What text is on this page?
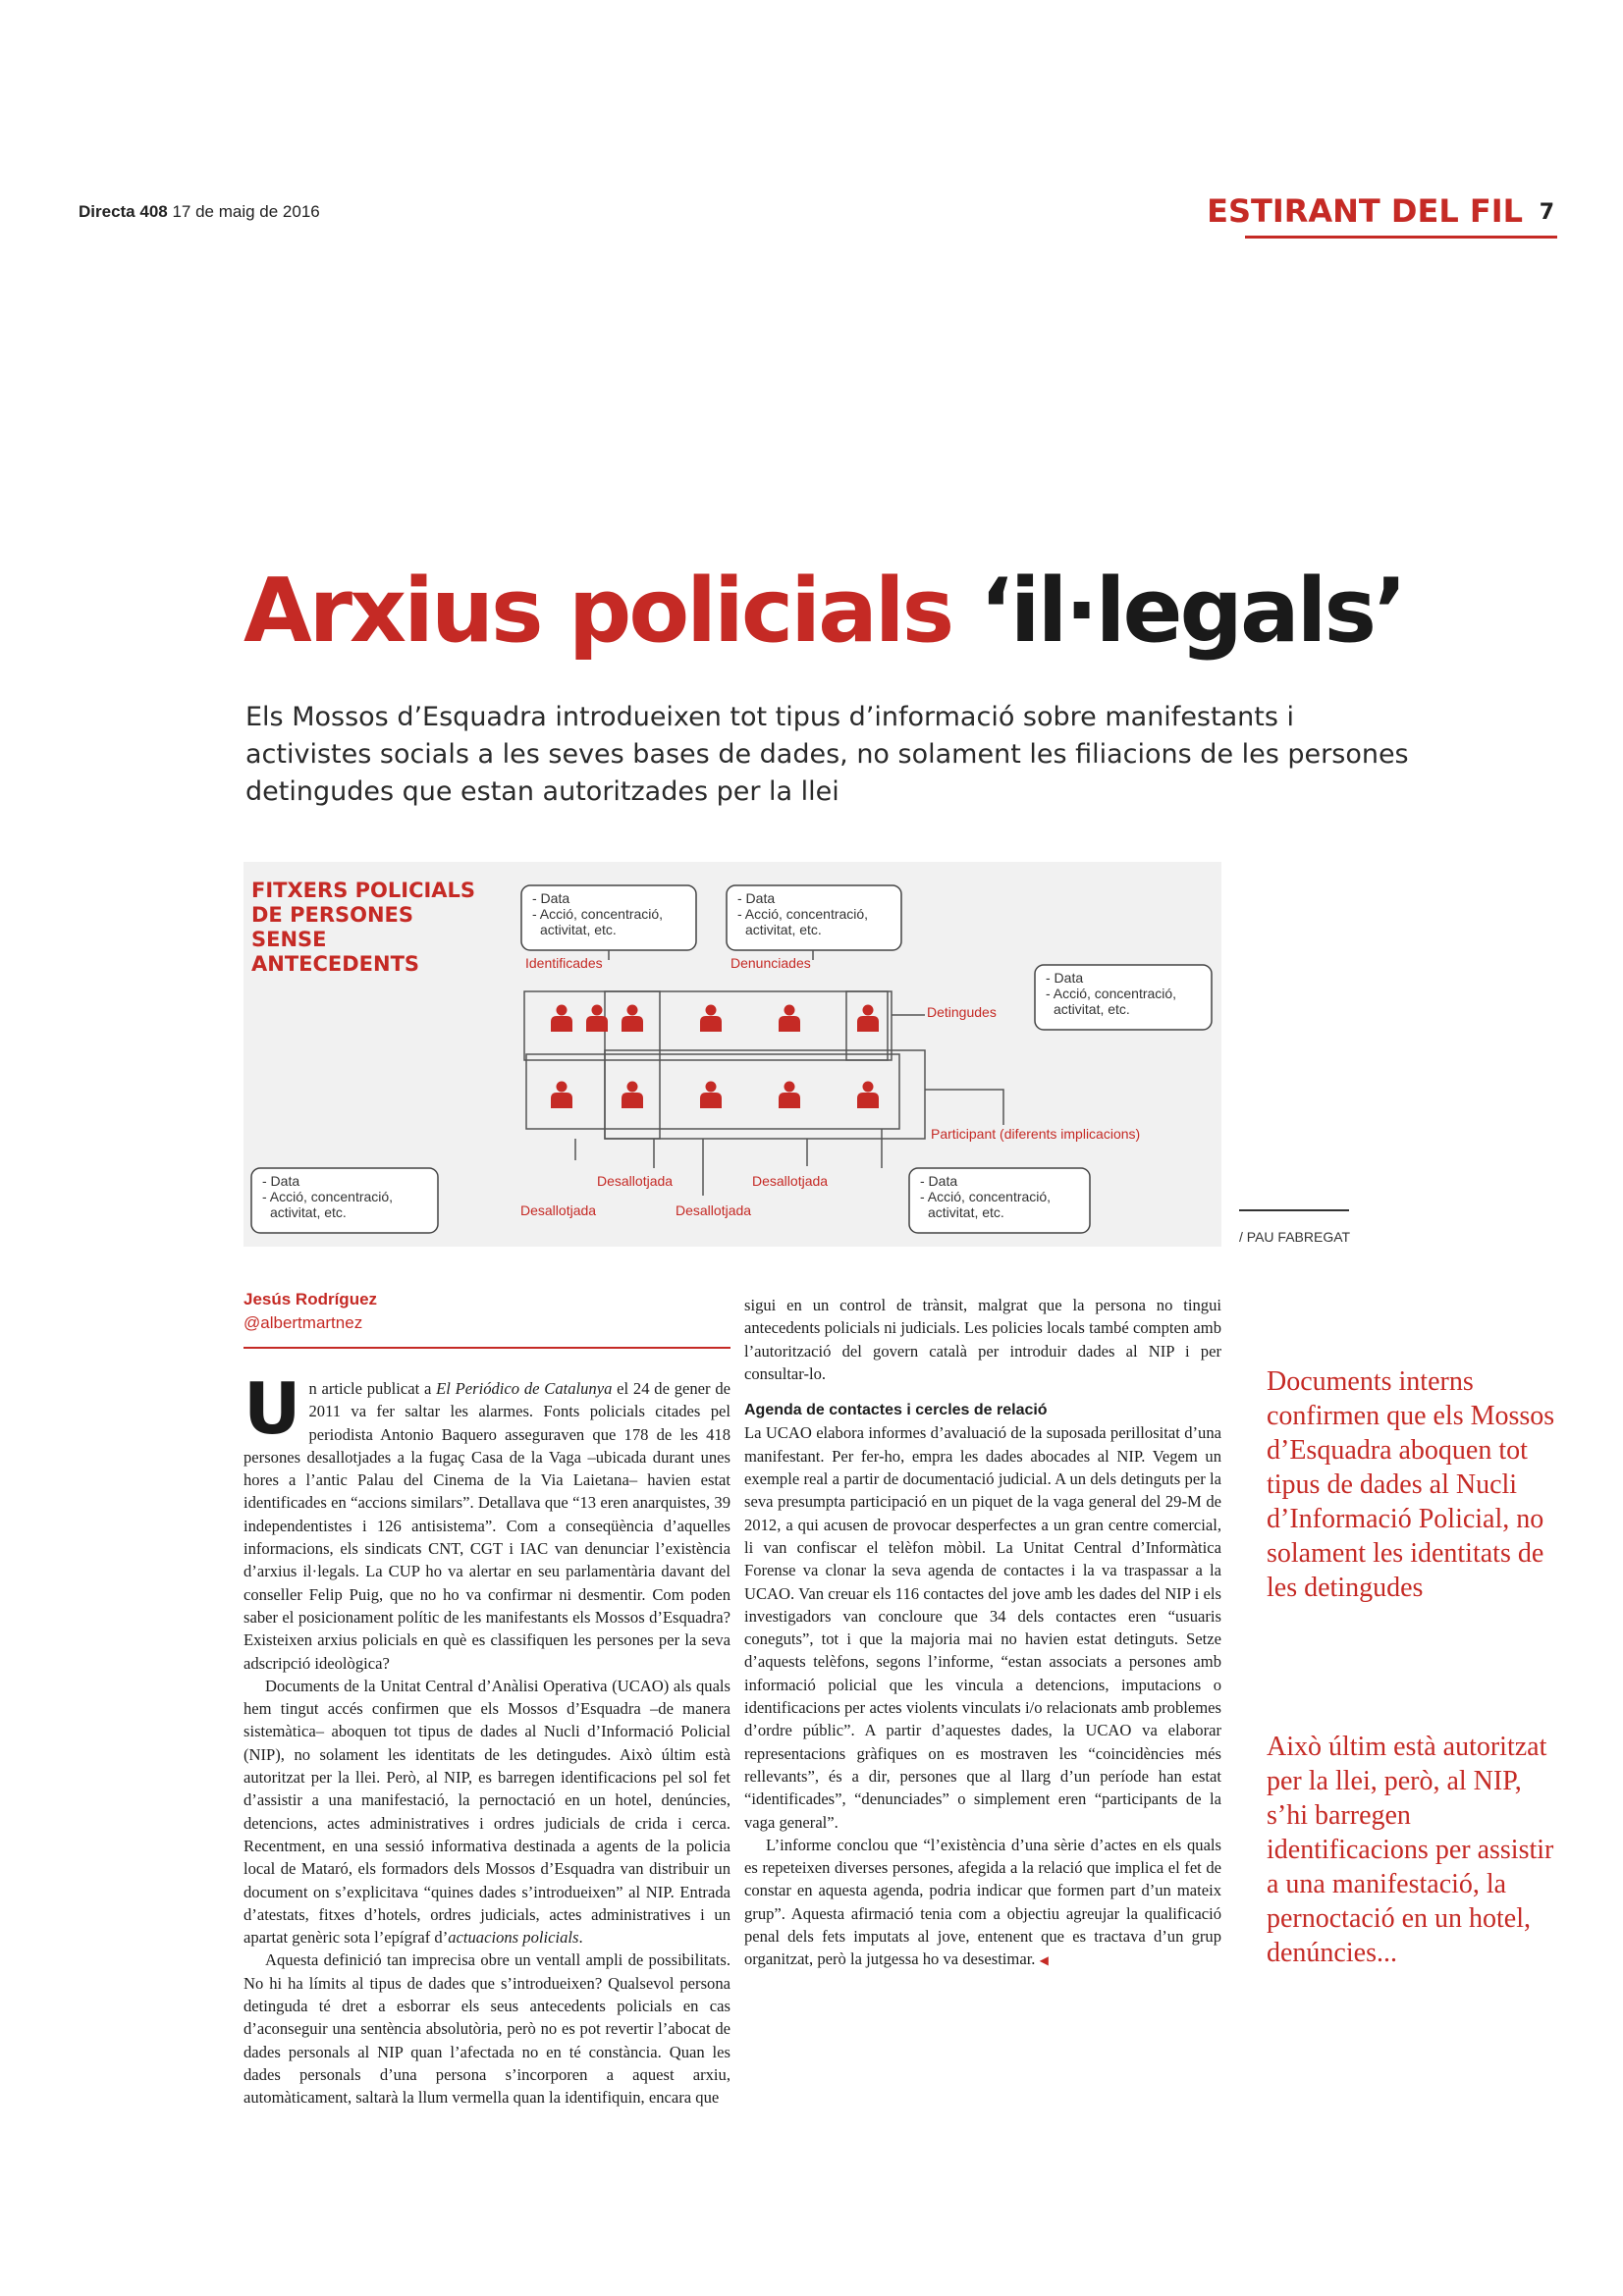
Directa 408 17 de maig de 2016	ESTIRANT DEL FIL 7
Arxius policials ‘il·legals’
Els Mossos d’Esquadra introdueixen tot tipus d’informació sobre manifestants i activistes socials a les seves bases de dades, no solament les filiacions de les persones detingudes que estan autoritzades per la llei
FITXERS POLICIALS
DE PERSONES
SENSE
ANTECEDENTS
- Data
- Acció, concentració,
activitat, etc.
- Data
- Acció, concentració,
activitat, etc.
- Data
- Acció, concentració,
activitat, etc.
- Data
- Acció, concentració,
activitat, etc.
- Data
- Acció, concentració,
activitat, etc.
Identificades	Denunciades
Detingudes
Participant (diferents implicacions)
Desallotjada	Desallotjada
Desallotjada	Desallotjada
/ PAU FABREGAT
Jesús Rodríguez
@albertmartnez

Un article publicat a El Periódico de Catalunya el 24 de gener de 2011 va fer saltar les alarmes. Fonts policials citades pel periodista Antonio Baquero asseguraven que 178 de les 418 persones desallotjades a la fugaç Casa de la Vaga –ubicada durant unes hores a l’antic Palau del Cinema de la Via Laietana– havien estat identificades en “accions similars”. Detallava que “13 eren anarquistes, 39 independentistes i 126 antisistema”. Com a conseqüència d’aquelles informacions, els sindicats CNT, CGT i IAC van denunciar l’existència d’arxius il·legals. La CUP ho va alertar en seu parlamentària davant del conseller Felip Puig, que no ho va confirmar ni desmentir. Com poden saber el posicionament polític de les manifestants els Mossos d’Esquadra? Existeixen arxius policials en què es classifiquen les persones per la seva adscripció ideològica?

Documents de la Unitat Central d’Anàlisi Operativa (UCAO) als quals hem tingut accés confirmen que els Mossos d’Esquadra –de manera sistemàtica– aboquen tot tipus de dades al Nucli d’Informació Policial (NIP), no solament les identitats de les detingudes. Això últim està autoritzat per la llei. Però, al NIP, es barregen identificacions pel sol fet d’assistir a una manifestació, la pernoctació en un hotel, denúncies, detencions, actes administratives i ordres judicials de crida i cerca. Recentment, en una sessió informativa destinada a agents de la policia local de Mataró, els formadors dels Mossos d’Esquadra van distribuir un document on s’explicitava “quines dades s’introdueixen” al NIP. Entrada d’atestats, fitxes d’hotels, ordres judicials, actes administratives i un apartat genèric sota l’epígraf d’actuacions policials.

Aquesta definició tan imprecisa obre un ventall ampli de possibilitats. No hi ha límits al tipus de dades que s’introdueixen? Qualsevol persona detinguda té dret a esborrar els seus antecedents policials en cas d’aconseguir una sentència absolutòria, però no es pot revertir l’abocat de dades personals al NIP quan l’afectada no en té constància. Quan les dades personals d’una persona s’incorporen a aquest arxiu, automàticament, saltarà la llum vermella quan la identifiquin, encara que

sigui en un control de trànsit, malgrat que la persona no tingui antecedents policials ni judicials. Les policies locals també compten amb l’autorització del govern català per introduir dades al NIP i per consultar-lo.

Agenda de contactes i cercles de relació

La UCAO elabora informes d’avaluació de la suposada perillositat d’una manifestant. Per fer-ho, empra les dades abocades al NIP. Vegem un exemple real a partir de documentació judicial. A un dels detinguts per la seva presumpta participació en un piquet de la vaga general del 29-M de 2012, a qui acusen de provocar desperfectes a un gran centre comercial, li van confiscar el telèfon mòbil. La Unitat Central d’Informàtica Forense va clonar la seva agenda de contactes i la va traspassar a la UCAO. Van creuar els 116 contactes del jove amb les dades del NIP i els investigadors van concloure que 34 dels contactes eren “usuaris coneguts”, tot i que la majoria mai no havien estat detinguts. Setze d’aquests telèfons, segons l’informe, “estan associats a persones amb informació policial que les vincula a detencions, imputacions o identificacions per actes violents vinculats i/o relacionats amb problemes d’ordre públic”. A partir d’aquestes dades, la UCAO va elaborar representacions gràfiques on es mostraven les “coincidències més rellevants”, és a dir, persones que al llarg d’un període han estat “identificades”, “denunciades” o simplement eren “participants de la vaga general”.

L’informe conclou que “l’existència d’una sèrie d’actes en els quals es repeteixen diverses persones, afegida a la relació que implica el fet de constar en aquesta agenda, podria indicar que formen part d’un mateix grup”. Aquesta afirmació tenia com a objectiu agreujar la qualificació penal dels fets imputats al jove, entenent que es tractava d’un grup organitzat, però la jutgessa ho va desestimar. ◀

Documents interns confirmen que els Mossos d’Esquadra aboquen tot tipus de dades al Nucli d’Informació Policial, no solament les identitats de les detingudes
Això últim està autoritzat per la llei, però, al NIP, s’hi barregen identificacions per assistir a una manifestació, la pernoctació en un hotel, denúncies...
